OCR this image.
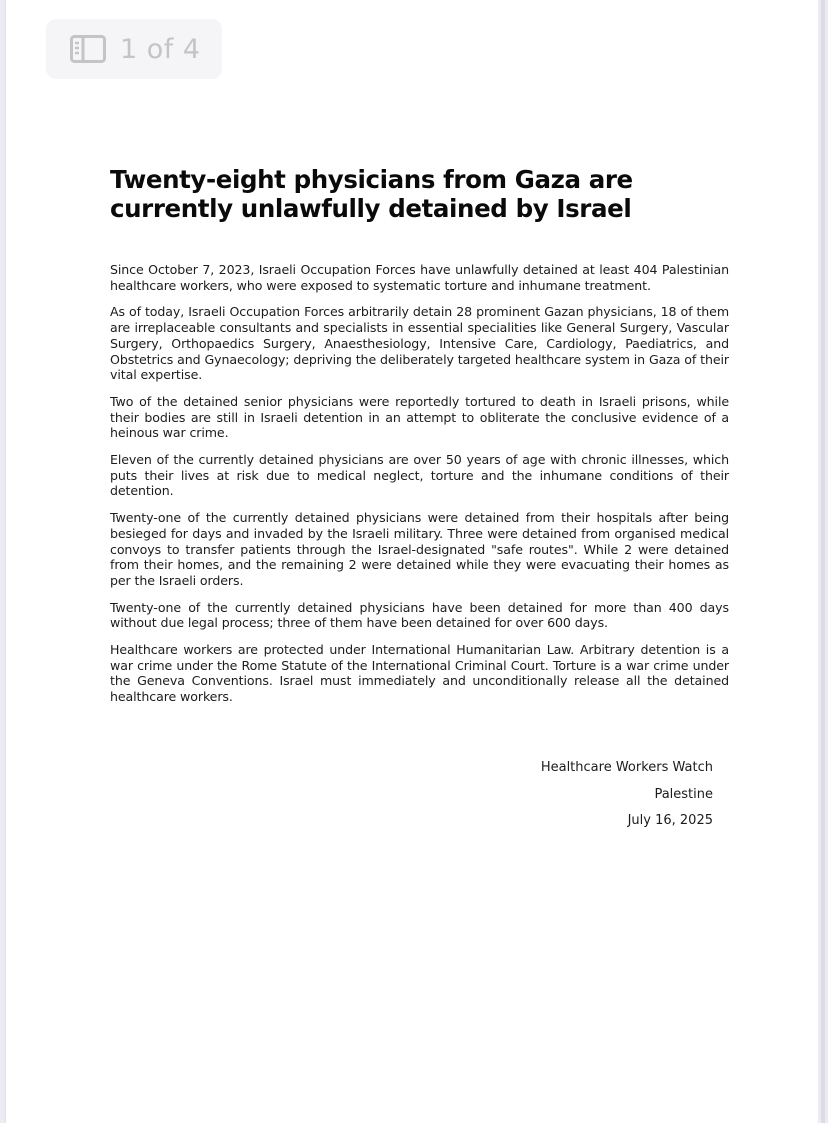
1 of 4
Twenty-eight physicians from Gaza are currently unlawfully detained by Israel

Since October 7, 2023, Israeli Occupation Forces have unlawfully detained at least 404 Palestinian healthcare workers, who were exposed to systematic torture and inhumane treatment.

As of today, Israeli Occupation Forces arbitrarily detain 28 prominent Gazan physicians, 18 of them are irreplaceable consultants and specialists in essential specialities like General Surgery, Vascular Surgery, Orthopaedics Surgery, Anaesthesiology, Intensive Care, Cardiology, Paediatrics, and Obstetrics and Gynaecology; depriving the deliberately targeted healthcare system in Gaza of their vital expertise.

Two of the detained senior physicians were reportedly tortured to death in Israeli prisons, while their bodies are still in Israeli detention in an attempt to obliterate the conclusive evidence of a heinous war crime.

Eleven of the currently detained physicians are over 50 years of age with chronic illnesses, which puts their lives at risk due to medical neglect, torture and the inhumane conditions of their detention.

Twenty-one of the currently detained physicians were detained from their hospitals after being besieged for days and invaded by the Israeli military. Three were detained from organised medical convoys to transfer patients through the Israel-designated "safe routes". While 2 were detained from their homes, and the remaining 2 were detained while they were evacuating their homes as per the Israeli orders.

Twenty-one of the currently detained physicians have been detained for more than 400 days without due legal process; three of them have been detained for over 600 days.

Healthcare workers are protected under International Humanitarian Law. Arbitrary detention is a war crime under the Rome Statute of the International Criminal Court. Torture is a war crime under the Geneva Conventions. Israel must immediately and unconditionally release all the detained healthcare workers.

Healthcare Workers Watch
Palestine
July 16, 2025
